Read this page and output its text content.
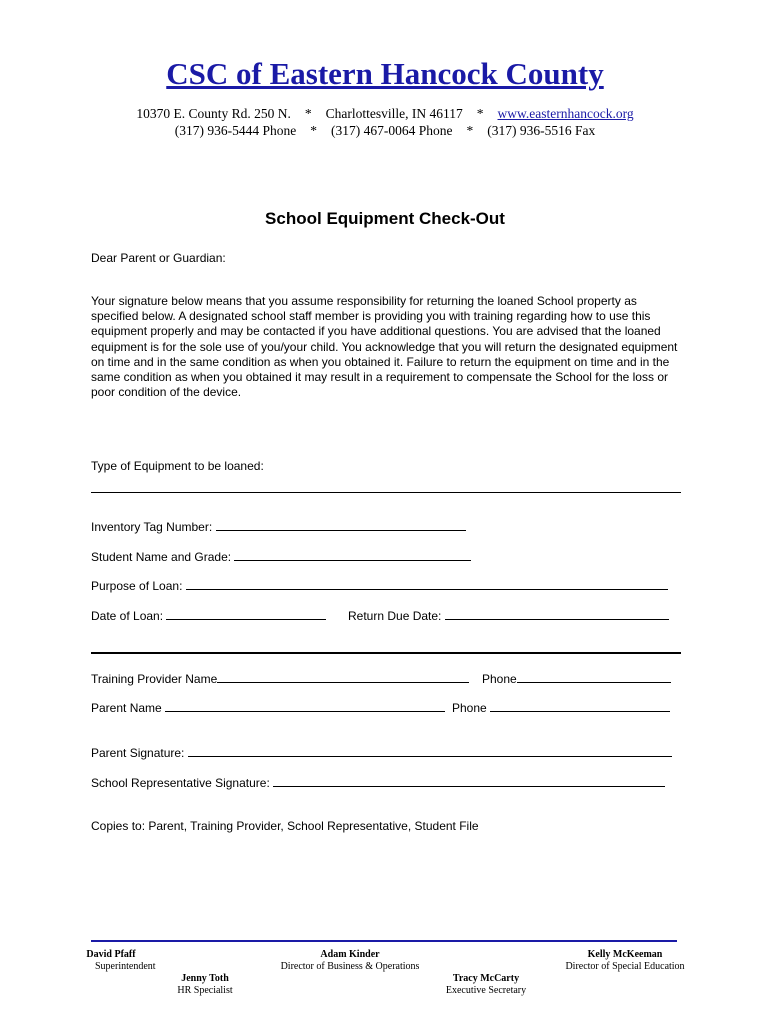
CSC of Eastern Hancock County
10370 E. County Rd. 250 N. * Charlottesville, IN 46117 * www.easternhancock.org
(317) 936-5444 Phone * (317) 467-0064 Phone * (317) 936-5516 Fax
School Equipment Check-Out
Dear Parent or Guardian:
Your signature below means that you assume responsibility for returning the loaned School property as specified below. A designated school staff member is providing you with training regarding how to use this equipment properly and may be contacted if you have additional questions. You are advised that the loaned equipment is for the sole use of you/your child. You acknowledge that you will return the designated equipment on time and in the same condition as when you obtained it. Failure to return the equipment on time and in the same condition as when you obtained it may result in a requirement to compensate the School for the loss or poor condition of the device.
Type of Equipment to be loaned:
Inventory Tag Number:
Student Name and Grade:
Purpose of Loan:
Date of Loan:	Return Due Date:
Training Provider Name	Phone
Parent Name	Phone
Parent Signature:
School Representative Signature:
Copies to: Parent, Training Provider, School Representative, Student File
David Pfaff
Superintendent
Adam Kinder
Director of Business & Operations
Kelly McKeeman
Director of Special Education
Jenny Toth
HR Specialist
Tracy McCarty
Executive Secretary
